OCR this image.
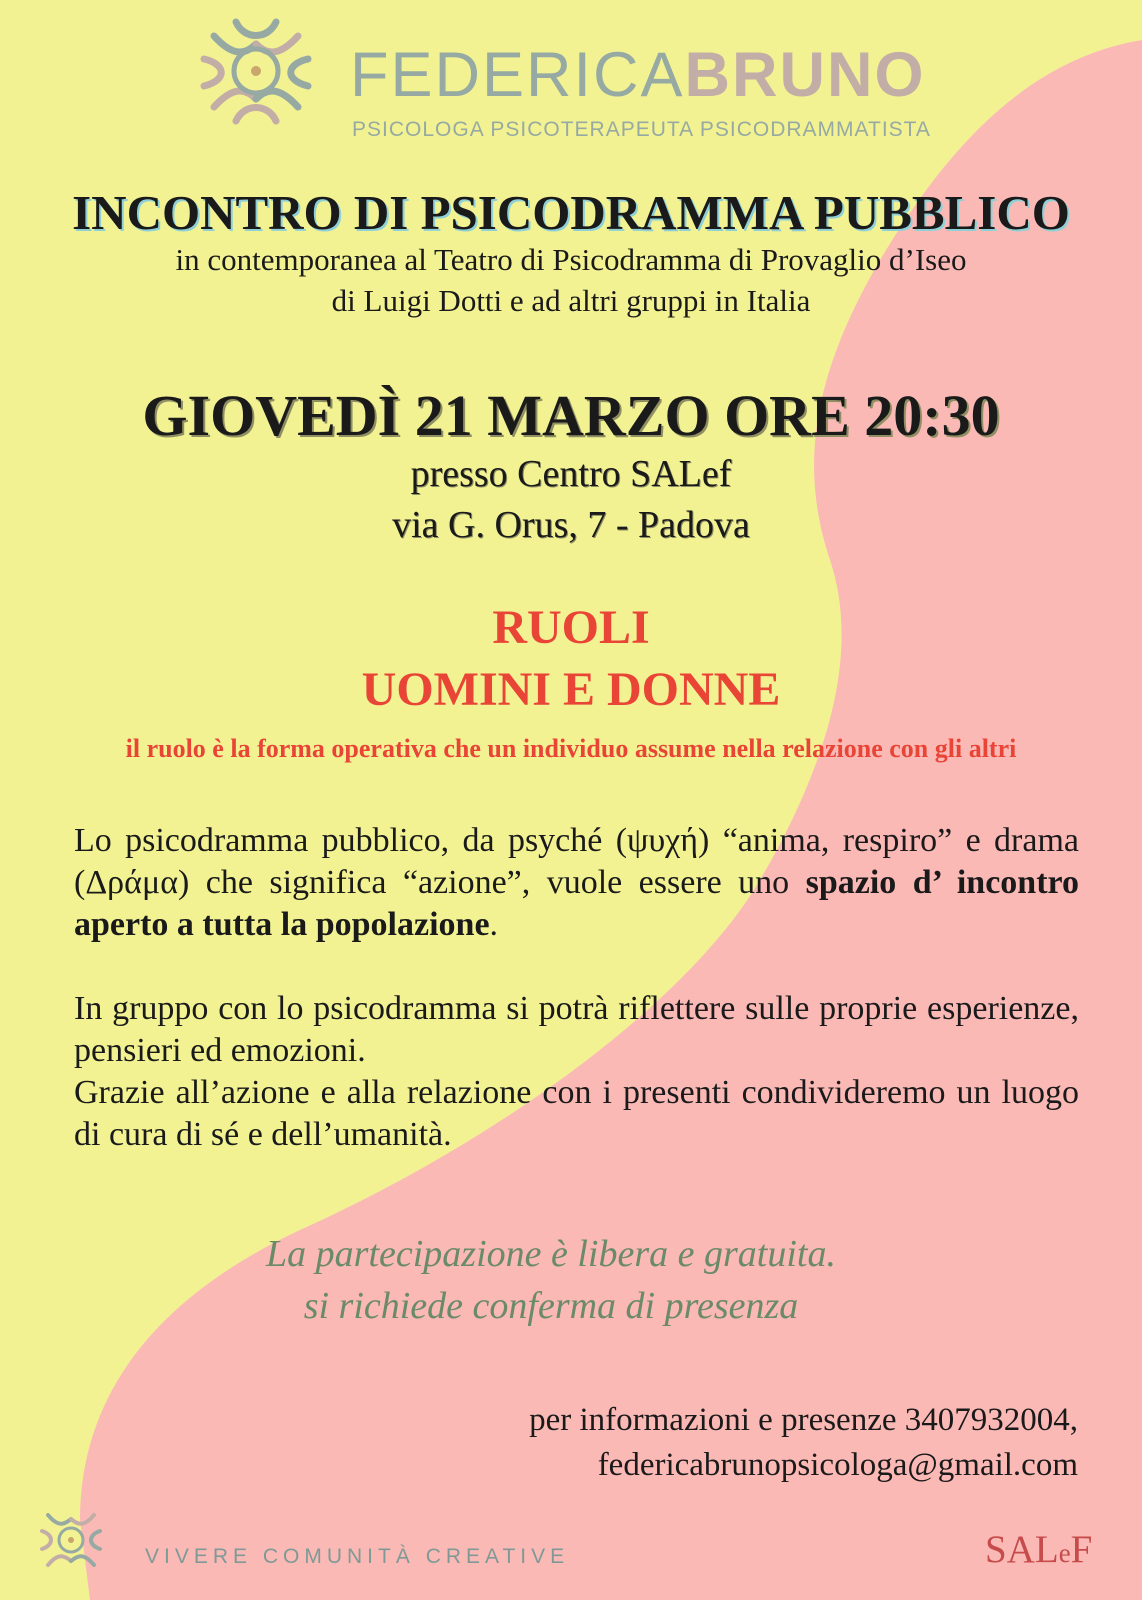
FEDERICABRUNO
PSICOLOGA PSICOTERAPEUTA PSICODRAMMATISTA
INCONTRO DI PSICODRAMMA PUBBLICO
in contemporanea al Teatro di Psicodramma di Provaglio d’Iseo
di Luigi Dotti e ad altri gruppi in Italia
GIOVEDÌ 21 MARZO ORE 20:30
presso Centro SALef
via G. Orus, 7 - Padova
RUOLI
UOMINI E DONNE
il ruolo è la forma operativa che un individuo assume nella relazione con gli altri
Lo psicodramma pubblico, da psyché (ψυχή) “anima, respiro” e drama (Δράμα) che significa “azione”, vuole essere uno spazio d’ incontro aperto a tutta la popolazione.
In gruppo con lo psicodramma si potrà riflettere sulle proprie esperienze, pensieri ed emozioni.
Grazie all’azione e alla relazione con i presenti condivideremo un luogo di cura di sé e dell’umanità.
La partecipazione è libera e gratuita.
si richiede conferma di presenza
per informazioni e presenze 3407932004,
federicabrunopsicologa@gmail.com
VIVERE COMUNITÀ CREATIVE	SALeF
